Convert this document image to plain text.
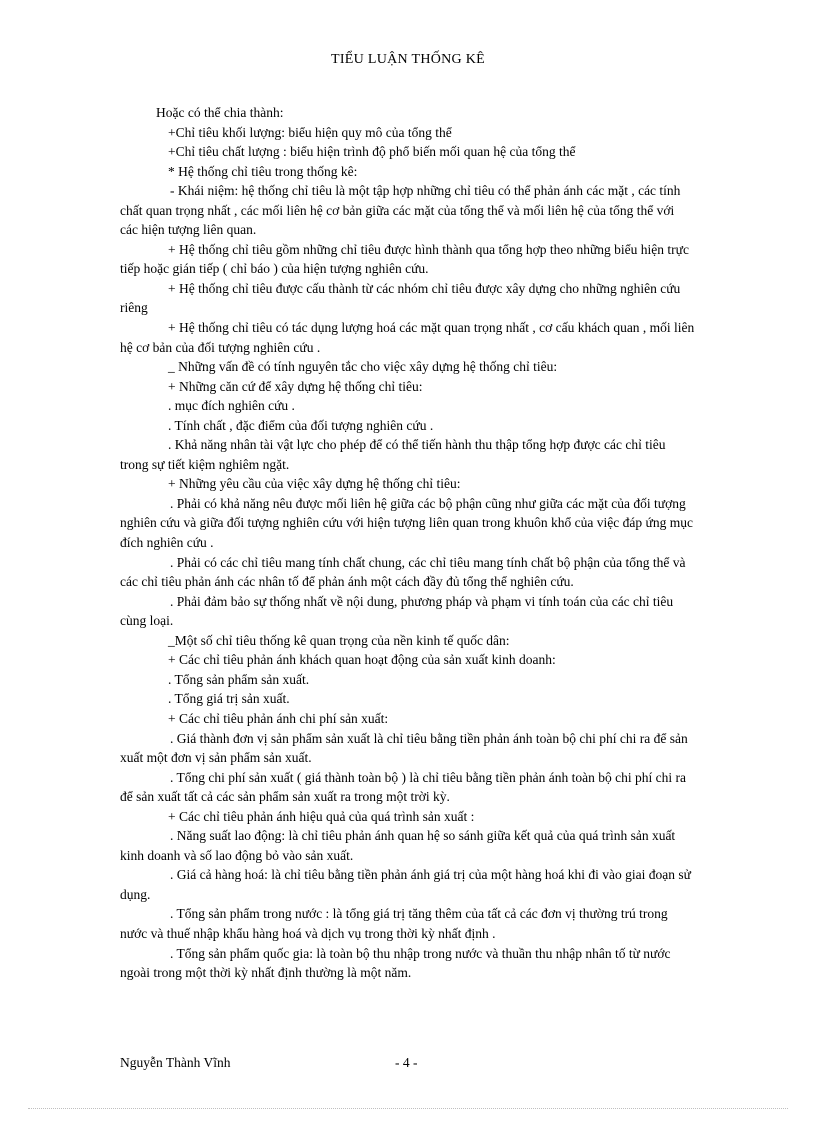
TIỂU LUẬN THỐNG KÊ

Hoặc có thể chia thành:

+Chỉ tiêu khối lượng: biểu hiện quy mô của tổng thể

+Chỉ tiêu chất lượng : biểu hiện trình độ phổ biến mối quan hệ của tổng thể

* Hệ thống chỉ tiêu trong thống kê:

- Khái niệm: hệ thống chỉ tiêu là một tập hợp những chỉ tiêu có thể phản ánh các mặt , các tính chất quan trọng nhất , các mối liên hệ cơ bản giữa các mặt của tổng thể và mối liên hệ của tổng thể với các hiện tượng liên quan.

+ Hệ thống chỉ tiêu gồm những chỉ tiêu được hình thành qua tổng hợp theo những biểu hiện trực tiếp hoặc gián tiếp ( chỉ báo ) của hiện tượng nghiên cứu.

+ Hệ thống chỉ tiêu được cấu thành từ các nhóm chỉ tiêu được xây dựng cho những nghiên cứu riêng

+ Hệ thống chỉ tiêu có tác dụng lượng hoá các mặt quan trọng nhất , cơ cấu khách quan , mối liên hệ cơ bản của đối tượng nghiên cứu .

_ Những vấn đề có tính nguyên tắc cho việc xây dựng hệ thống chỉ tiêu:

+ Những căn cứ để xây dựng hệ thống chỉ tiêu:

. mục đích nghiên cứu .

. Tính chất , đặc điểm của đối tượng nghiên cứu .

. Khả năng nhân tài vật lực cho phép để có thể tiến hành thu thập tổng hợp được các chỉ tiêu trong sự tiết kiệm nghiêm ngặt.

+ Những yêu cầu của việc xây dựng hệ thống chỉ tiêu:

. Phải có khả năng nêu được mối liên hệ giữa các bộ phận cũng như giữa các mặt của đối tượng nghiên cứu và giữa đối tượng nghiên cứu với hiện tượng liên quan trong khuôn khổ của việc đáp ứng mục đích nghiên cứu .

. Phải có các chỉ tiêu mang tính chất chung, các chỉ tiêu mang tính chất bộ phận của tổng thể và các chỉ tiêu phản ánh các nhân tố để phản ánh một cách đầy đủ tổng thể nghiên cứu.

. Phải đảm bảo sự thống nhất về nội dung, phương pháp và phạm vi tính toán của các chỉ tiêu cùng loại.

_Một số chỉ tiêu thống kê quan trọng của nền kinh tế quốc dân:

+ Các chỉ tiêu phản ánh khách quan hoạt động của sản xuất kinh doanh:

. Tổng sản phẩm sản xuất.

. Tổng giá trị sản xuất.

+ Các chỉ tiêu phản ánh chi phí sản xuất:

. Giá thành đơn vị sản phẩm sản xuất là chỉ tiêu bằng tiền phản ánh toàn bộ chi phí chi ra để sản xuất một đơn vị sản phẩm sản xuất.

. Tổng chi phí sản xuất ( giá thành toàn bộ ) là chỉ tiêu bằng tiền phản ánh toàn bộ chi phí chi ra để sản xuất tất cả các sản phẩm sản xuất ra trong một trời kỳ.

+ Các chỉ tiêu phản ánh hiệu quả của quá trình sản xuất :

. Năng suất lao động: là chỉ tiêu phản ánh quan hệ so sánh giữa kết quả của quá trình sản xuất kinh doanh và số lao động bỏ vào sản xuất.

. Giá cả hàng hoá: là chỉ tiêu bằng tiền phản ánh giá trị của một hàng hoá khi đi vào giai đoạn sử dụng.

. Tổng sản phẩm trong nước : là tổng giá trị tăng thêm của tất cả các đơn vị thường trú trong nước và thuế nhập khẩu hàng hoá và dịch vụ trong thời kỳ nhất định .

. Tổng sản phẩm quốc gia: là toàn bộ thu nhập trong nước và thuần thu nhập nhân tố từ nước ngoài trong một thời kỳ nhất định thường là một năm.

Nguyễn Thành Vĩnh	- 4 -
